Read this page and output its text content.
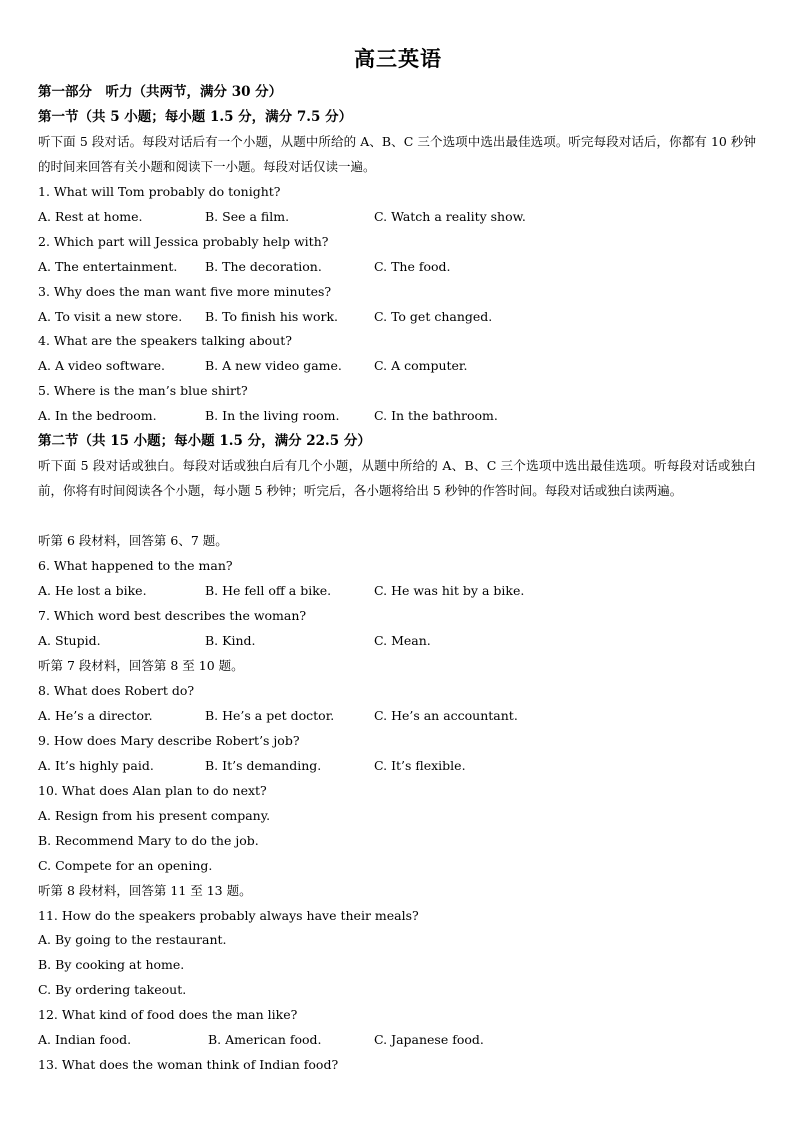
高三英语
第一部分　听力（共两节，满分 30 分）
第一节（共 5 小题；每小题 1.5 分，满分 7.5 分）
听下面 5 段对话。每段对话后有一个小题，从题中所给的 A、B、C 三个选项中选出最佳选项。听完每段对话后，你都有 10 秒钟的时间来回答有关小题和阅读下一小题。每段对话仅读一遍。
1. What will Tom probably do tonight?
A. Rest at home.	B. See a film.	C. Watch a reality show.
2. Which part will Jessica probably help with?
A. The entertainment. B. The decoration.	C. The food.
3. Why does the man want five more minutes?
A. To visit a new store. B. To finish his work.	C. To get changed.
4. What are the speakers talking about?
A. A video software.	B. A new video game.	C. A computer.
5. Where is the man’s blue shirt?
A. In the bedroom.	B. In the living room.	C. In the bathroom.
第二节（共 15 小题；每小题 1.5 分，满分 22.5 分）
听下面 5 段对话或独白。每段对话或独白后有几个小题，从题中所给的 A、B、C 三个选项中选出最佳选项。听每段对话或独白前，你将有时间阅读各个小题，每小题 5 秒钟；听完后，各小题将给出 5 秒钟的作答时间。每段对话或独白读两遍。
听第 6 段材料，回答第 6、7 题。
6. What happened to the man?
A. He lost a bike.	B. He fell off a bike.	C. He was hit by a bike.
7. Which word best describes the woman?
A. Stupid.	B. Kind.	C. Mean.
听第 7 段材料，回答第 8 至 10 题。
8. What does Robert do?
A. He’s a director.	B. He’s a pet doctor.	C. He’s an accountant.
9. How does Mary describe Robert’s job?
A. It’s highly paid.	B. It’s demanding.	C. It’s flexible.
10. What does Alan plan to do next?
A. Resign from his present company.
B. Recommend Mary to do the job.
C. Compete for an opening.
听第 8 段材料，回答第 11 至 13 题。
11. How do the speakers probably always have their meals?
A. By going to the restaurant.
B. By cooking at home.
C. By ordering takeout.
12. What kind of food does the man like?
A. Indian food.	B. American food.	C. Japanese food.
13. What does the woman think of Indian food?
